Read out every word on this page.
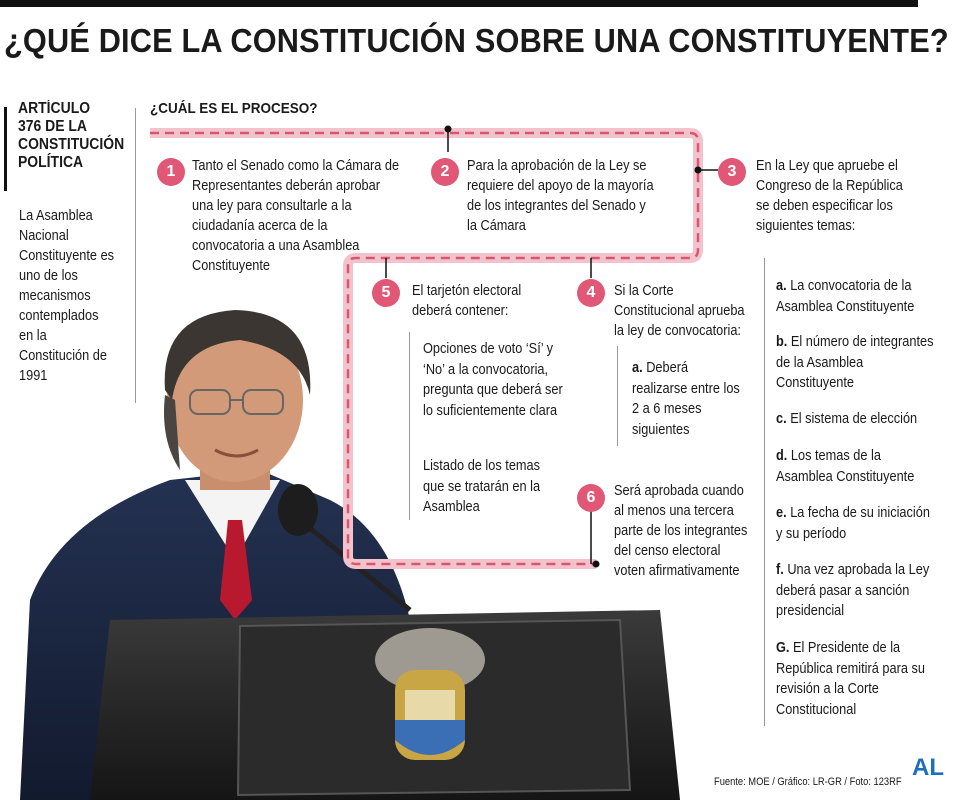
¿QUÉ DICE LA CONSTITUCIÓN SOBRE UNA CONSTITUYENTE?
ARTÍCULO 376 DE LA CONSTITUCIÓN POLÍTICA
La Asamblea Nacional Constituyente es uno de los mecanismos contemplados en la Constitución de 1991
¿CUÁL ES EL PROCESO?
1	2	3
5	4
6
Tanto el Senado como la Cámara de Representantes deberán aprobar una ley para consultarle a la ciudadanía acerca de la convocatoria a una Asamblea Constituyente
Para la aprobación de la Ley se requiere del apoyo de la mayoría de los integrantes del Senado y la Cámara
En la Ley que apruebe el Congreso de la República se deben especificar los siguientes temas:
El tarjetón electoral deberá contener:
Si la Corte Constitucional aprueba la ley de convocatoria:
Será aprobada cuando al menos una tercera parte de los integrantes del censo electoral voten afirmativamente
Opciones de voto ‘Sí’ y ‘No’ a la convocatoria, pregunta que deberá ser lo suficientemente clara
Listado de los temas que se tratarán en la Asamblea
a. Deberá realizarse entre los 2 a 6 meses siguientes
a. La convocatoria de la Asamblea Constituyente
b. El número de integrantes de la Asamblea Constituyente
c. El sistema de elección
d. Los temas de la Asamblea Constituyente
e. La fecha de su iniciación y su período
f. Una vez aprobada la Ley deberá pasar a sanción presidencial
G. El Presidente de la República remitirá para su revisión a la Corte Constitucional
Fuente: MOE / Gráfico: LR-GR / Foto: 123RF
AL
